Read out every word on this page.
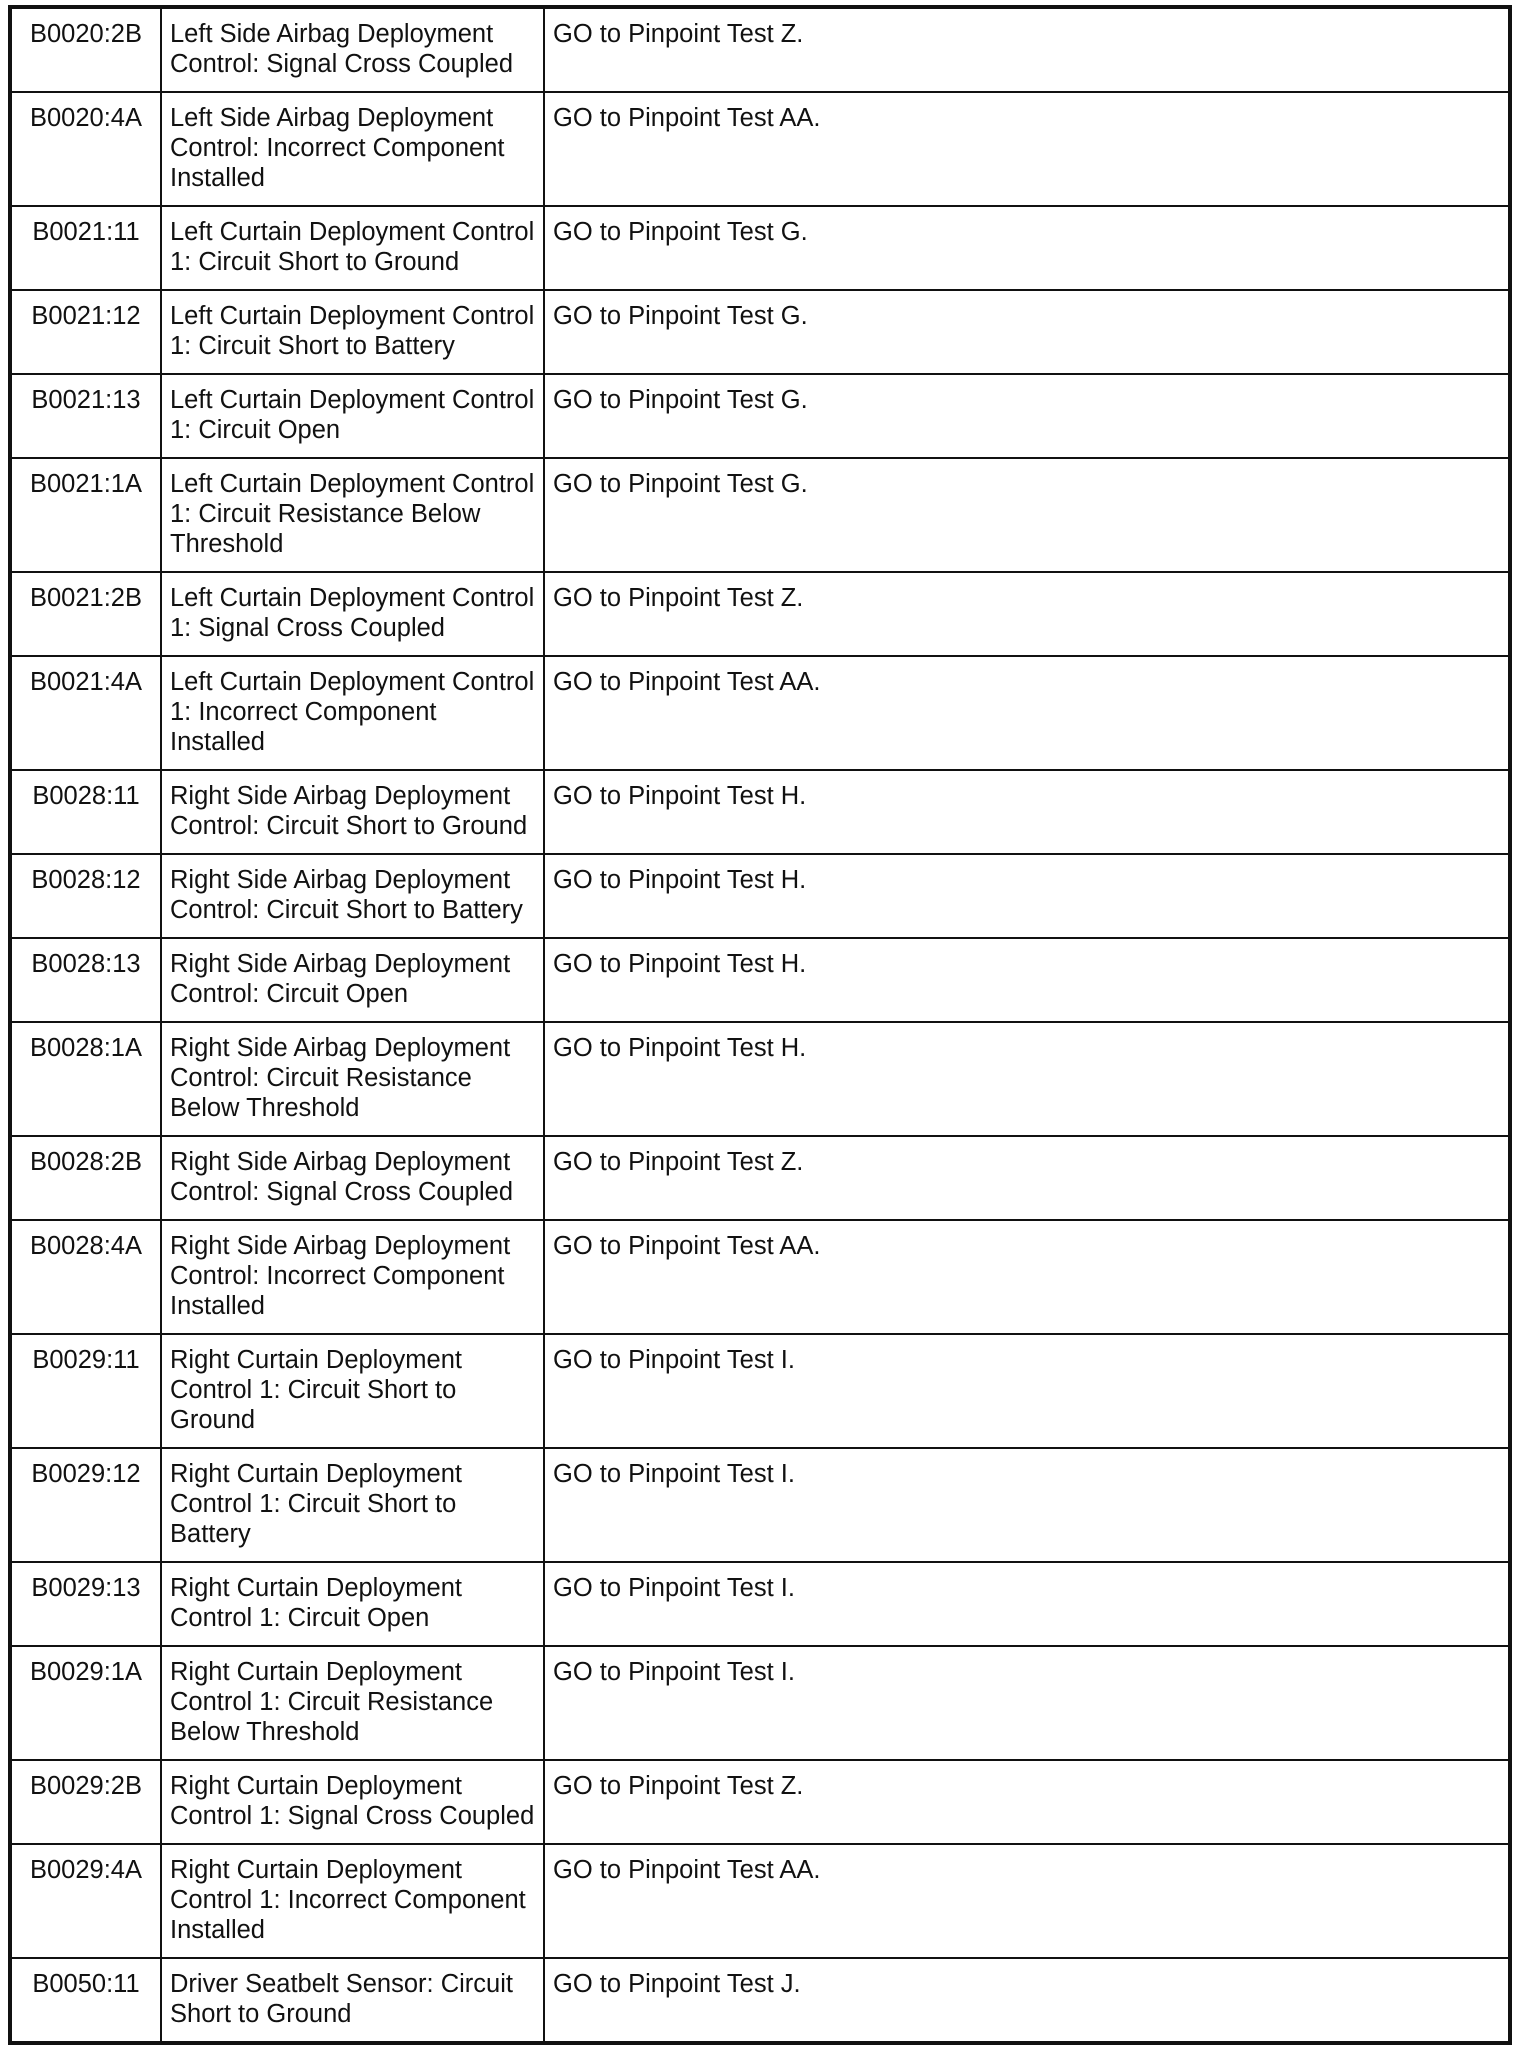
B0020:2B	Left Side Airbag Deployment Control: Signal Cross Coupled	GO to Pinpoint Test Z.
B0020:4A	Left Side Airbag Deployment Control: Incorrect Component Installed	GO to Pinpoint Test AA.
B0021:11	Left Curtain Deployment Control 1: Circuit Short to Ground	GO to Pinpoint Test G.
B0021:12	Left Curtain Deployment Control 1: Circuit Short to Battery	GO to Pinpoint Test G.
B0021:13	Left Curtain Deployment Control 1: Circuit Open	GO to Pinpoint Test G.
B0021:1A	Left Curtain Deployment Control 1: Circuit Resistance Below Threshold	GO to Pinpoint Test G.
B0021:2B	Left Curtain Deployment Control 1: Signal Cross Coupled	GO to Pinpoint Test Z.
B0021:4A	Left Curtain Deployment Control 1: Incorrect Component Installed	GO to Pinpoint Test AA.
B0028:11	Right Side Airbag Deployment Control: Circuit Short to Ground	GO to Pinpoint Test H.
B0028:12	Right Side Airbag Deployment Control: Circuit Short to Battery	GO to Pinpoint Test H.
B0028:13	Right Side Airbag Deployment Control: Circuit Open	GO to Pinpoint Test H.
B0028:1A	Right Side Airbag Deployment Control: Circuit Resistance Below Threshold	GO to Pinpoint Test H.
B0028:2B	Right Side Airbag Deployment Control: Signal Cross Coupled	GO to Pinpoint Test Z.
B0028:4A	Right Side Airbag Deployment Control: Incorrect Component Installed	GO to Pinpoint Test AA.
B0029:11	Right Curtain Deployment Control 1: Circuit Short to Ground	GO to Pinpoint Test I.
B0029:12	Right Curtain Deployment Control 1: Circuit Short to Battery	GO to Pinpoint Test I.
B0029:13	Right Curtain Deployment Control 1: Circuit Open	GO to Pinpoint Test I.
B0029:1A	Right Curtain Deployment Control 1: Circuit Resistance Below Threshold	GO to Pinpoint Test I.
B0029:2B	Right Curtain Deployment Control 1: Signal Cross Coupled	GO to Pinpoint Test Z.
B0029:4A	Right Curtain Deployment Control 1: Incorrect Component Installed	GO to Pinpoint Test AA.
B0050:11	Driver Seatbelt Sensor: Circuit Short to Ground	GO to Pinpoint Test J.
